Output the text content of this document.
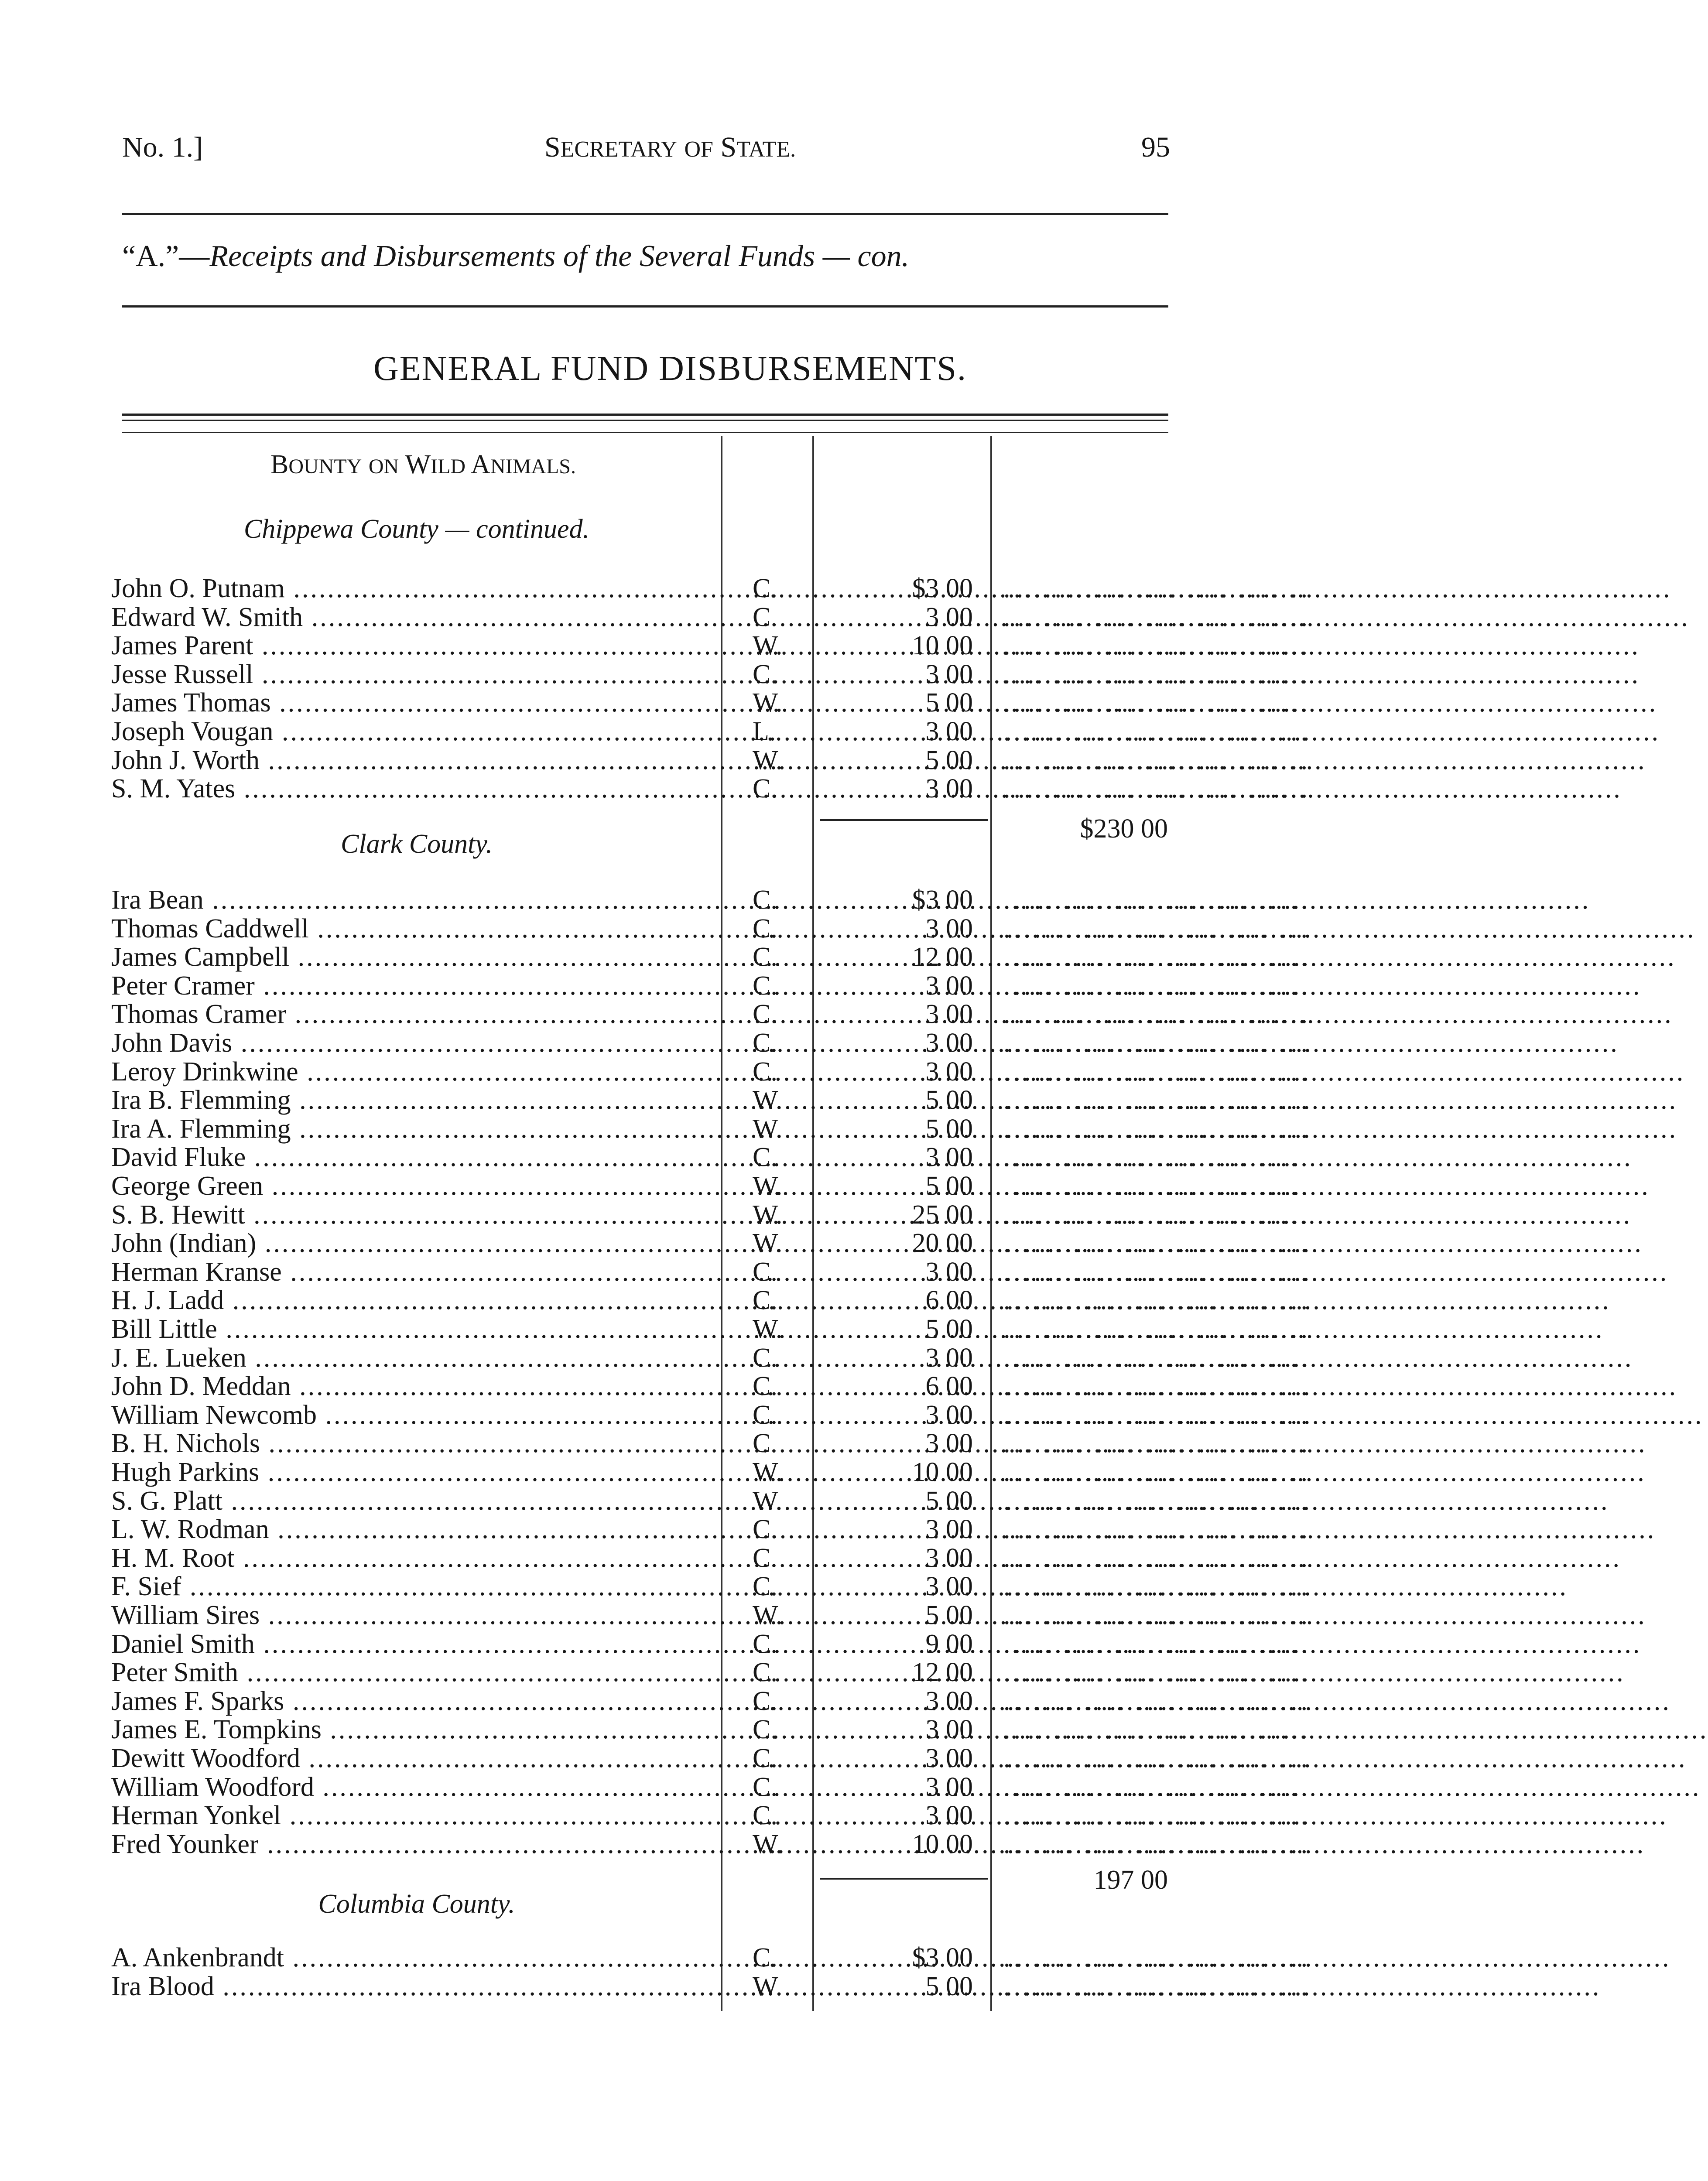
No. 1.]	SECRETARY OF STATE.	95
“A.”—Receipts and Disbursements of the Several Funds — con.
GENERAL FUND DISBURSEMENTS.
BOUNTY ON WILD ANIMALS.
Chippewa County — continued.
John O. Putnam .....	C.	$3 00 ..............................
Edward W. Smith .....	C.	3 00 ..............................
James Parent .....	W.	10 00 ..............................
Jesse Russell .....	C.	3 00 ..............................
James Thomas .....	W.	5 00 ..............................
Joseph Vougan .....	L.	3 00 ..............................
John J. Worth .....	W.	5 00 ..............................
S. M. Yates .....	C.	3 00 ..............................
$230 00
Clark County.
Ira Bean .....	C.	$3 00 ..............................
Thomas Caddwell .....	C.	3 00 ..............................
James Campbell .....	C.	12 00 ..............................
Peter Cramer .....	C.	3 00 ..............................
Thomas Cramer .....	C.	3 00 ..............................
John Davis .....	C.	3 00 ..............................
Leroy Drinkwine .....	C.	3 00 ..............................
Ira B. Flemming .....	W.	5 00 ..............................
Ira A. Flemming .....	W.	5 00 ..............................
David Fluke .....	C.	3 00 ..............................
George Green .....	W.	5 00 ..............................
S. B. Hewitt .....	W.	25 00 ..............................
John (Indian) .....	W.	20 00 ..............................
Herman Kranse .....	C.	3 00 ..............................
H. J. Ladd .....	C.	6 00 ..............................
Bill Little .....	W.	5 00 ..............................
J. E. Lueken .....	C.	3 00 ..............................
John D. Meddan .....	C.	6 00 ..............................
William Newcomb .....	C.	3 00 ..............................
B. H. Nichols .....	C.	3 00 ..............................
Hugh Parkins .....	W.	10 00 ..............................
S. G. Platt .....	W.	5 00 ..............................
L. W. Rodman .....	C.	3 00 ..............................
H. M. Root .....	C.	3 00 ..............................
F. Sief .....	C.	3 00 ..............................
William Sires .....	W.	5 00 ..............................
Daniel Smith .....	C.	9 00 ..............................
Peter Smith .....	C.	12 00 ..............................
James F. Sparks .....	C.	3 00 ..............................
James E. Tompkins .....	C.	3 00 ..............................
Dewitt Woodford .....	C.	3 00 ..............................
William Woodford .....	C.	3 00 ..............................
Herman Yonkel .....	C.	3 00 ..............................
Fred Younker .....	W.	10 00 ..............................
197 00
Columbia County.
A. Ankenbrandt .....	C.	$3 00 ..............................
Ira Blood .....	W.	5 00 ..............................
